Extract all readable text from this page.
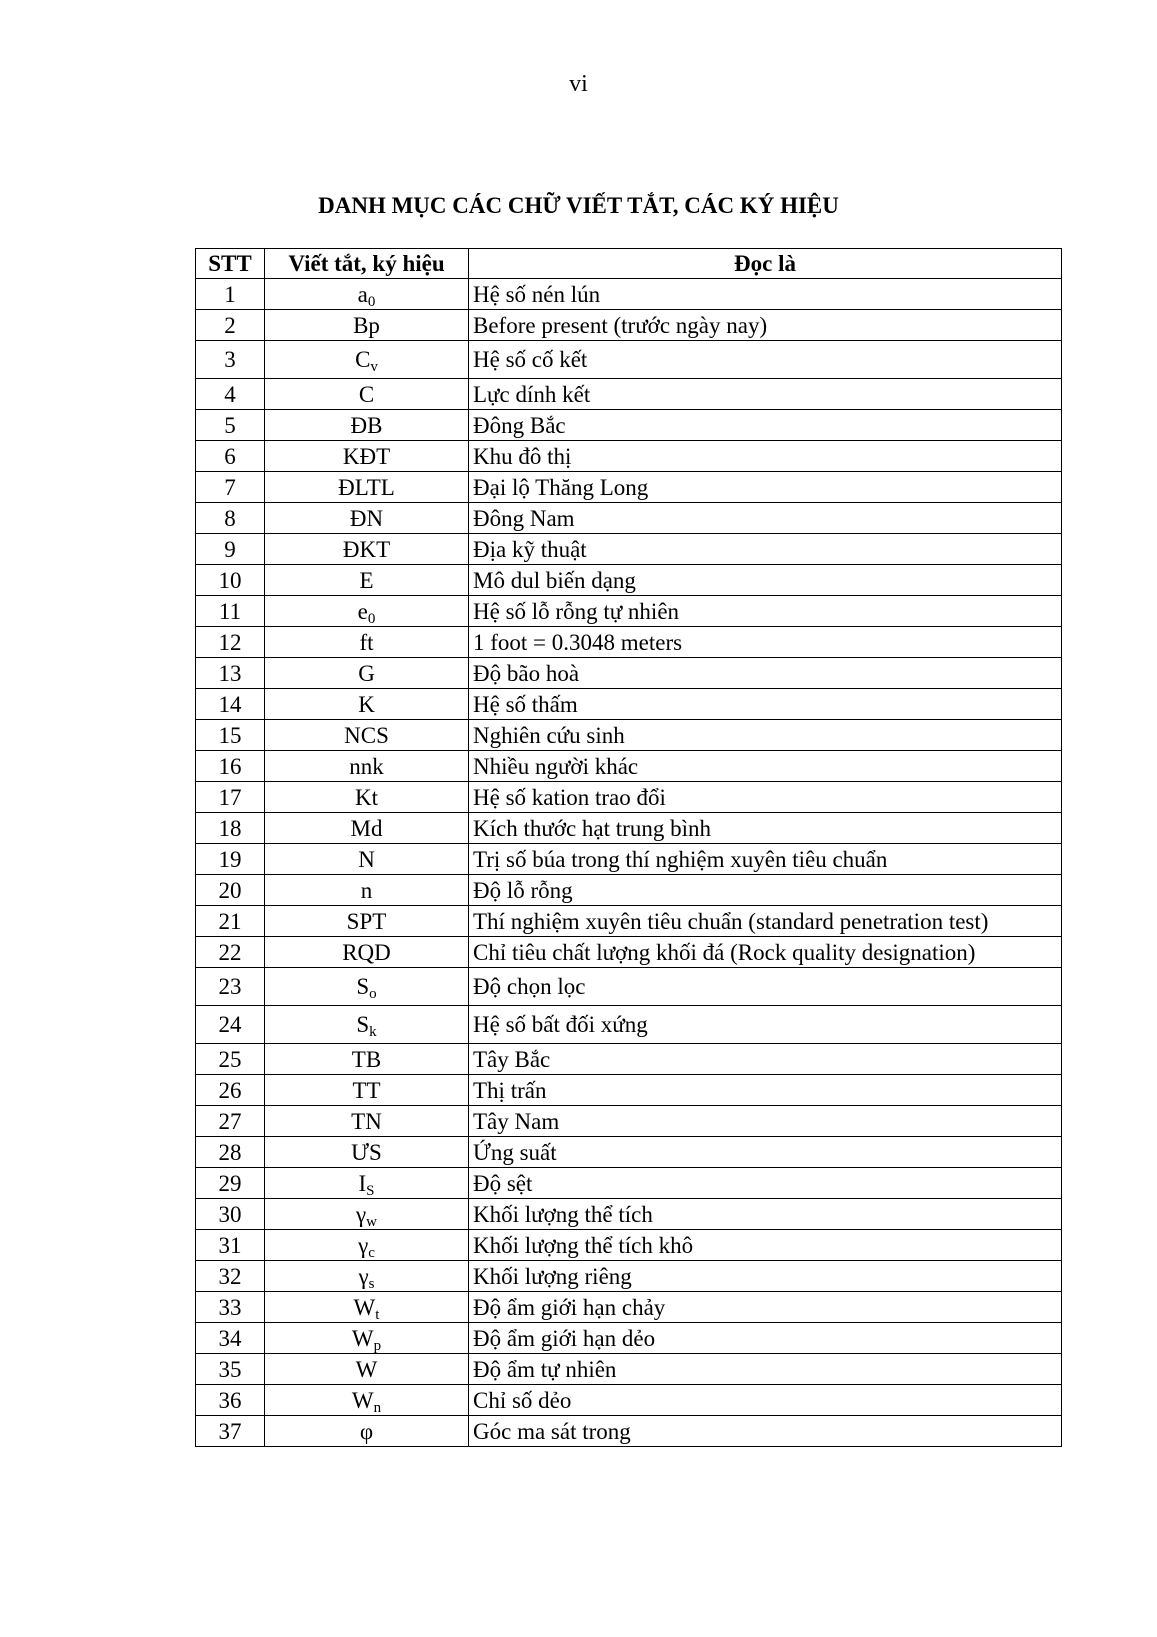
vi
DANH MỤC CÁC CHỮ VIẾT TẮT, CÁC KÝ HIỆU
STT	Viết tắt, ký hiệu	Đọc là
1	$a_0$	Hệ số nén lún
2	Bp	Before present (trước ngày nay)
3	$C_v$	Hệ số cố kết
4	C	Lực dính kết
5	ĐB	Đông Bắc
6	KĐT	Khu đô thị
7	ĐLTL	Đại lộ Thăng Long
8	ĐN	Đông Nam
9	ĐKT	Địa kỹ thuật
10	E	Mô dul biến dạng
11	$e_0$	Hệ số lỗ rỗng tự nhiên
12	ft	1 foot = 0.3048 meters
13	G	Độ bão hoà
14	K	Hệ số thấm
15	NCS	Nghiên cứu sinh
16	nnk	Nhiều người khác
17	Kt	Hệ số kation trao đổi
18	Md	Kích thước hạt trung bình
19	N	Trị số búa trong thí nghiệm xuyên tiêu chuẩn
20	n	Độ lỗ rỗng
21	SPT	Thí nghiệm xuyên tiêu chuẩn (standard penetration test)
22	RQD	Chỉ tiêu chất lượng khối đá (Rock quality designation)
23	$S_o$	Độ chọn lọc
24	$S_k$	Hệ số bất đối xứng
25	TB	Tây Bắc
26	TT	Thị trấn
27	TN	Tây Nam
28	ƯS	Ứng suất
29	$I_S$	Độ sệt
30	$\gamma_w$	Khối lượng thể tích
31	$\gamma_c$	Khối lượng thể tích khô
32	$\gamma_s$	Khối lượng riêng
33	$W_t$	Độ ẩm giới hạn chảy
34	$W_p$	Độ ẩm giới hạn dẻo
35	W	Độ ẩm tự nhiên
36	$W_n$	Chỉ số dẻo
37	φ	Góc ma sát trong
